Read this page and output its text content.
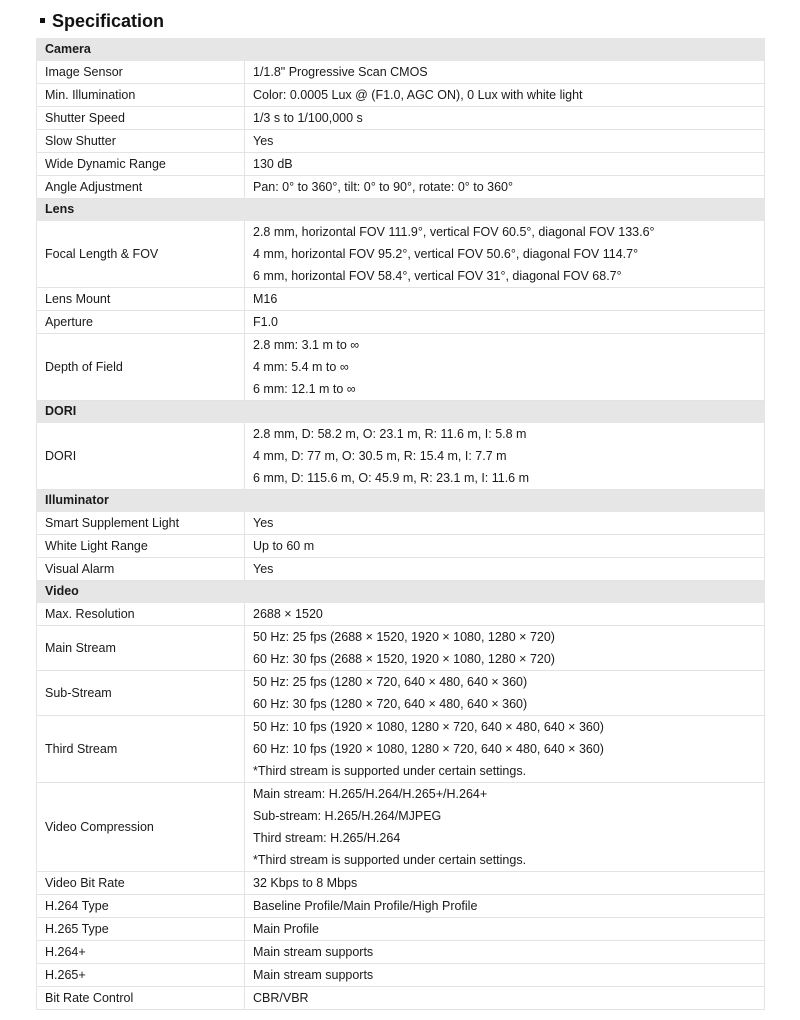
Specification
Camera	
Image Sensor	1/1.8" Progressive Scan CMOS

Min. Illumination	Color: 0.0005 Lux @ (F1.0, AGC ON), 0 Lux with white light

Shutter Speed	1/3 s to 1/100,000 s

Slow Shutter	Yes

Wide Dynamic Range	130 dB

Angle Adjustment	Pan: 0° to 360°, tilt: 0° to 90°, rotate: 0° to 360°

Lens	
Focal Length & FOV	2.8 mm, horizontal FOV 111.9°, vertical FOV 60.5°, diagonal FOV 133.6°
4 mm, horizontal FOV 95.2°, vertical FOV 50.6°, diagonal FOV 114.7°
6 mm, horizontal FOV 58.4°, vertical FOV 31°, diagonal FOV 68.7°

Lens Mount	M16

Aperture	F1.0

Depth of Field	2.8 mm: 3.1 m to ∞
4 mm: 5.4 m to ∞
6 mm: 12.1 m to ∞

DORI	
DORI	2.8 mm, D: 58.2 m, O: 23.1 m, R: 11.6 m, I: 5.8 m
4 mm, D: 77 m, O: 30.5 m, R: 15.4 m, I: 7.7 m
6 mm, D: 115.6 m, O: 45.9 m, R: 23.1 m, I: 11.6 m

Illuminator	
Smart Supplement Light	Yes

White Light Range	Up to 60 m

Visual Alarm	Yes

Video	
Max. Resolution	2688 × 1520

Main Stream	50 Hz: 25 fps (2688 × 1520, 1920 × 1080, 1280 × 720)
60 Hz: 30 fps (2688 × 1520, 1920 × 1080, 1280 × 720)

Sub-Stream	50 Hz: 25 fps (1280 × 720, 640 × 480, 640 × 360)
60 Hz: 30 fps (1280 × 720, 640 × 480, 640 × 360)

Third Stream	50 Hz: 10 fps (1920 × 1080, 1280 × 720, 640 × 480, 640 × 360)
60 Hz: 10 fps (1920 × 1080, 1280 × 720, 640 × 480, 640 × 360)
*Third stream is supported under certain settings.

Video Compression	Main stream: H.265/H.264/H.265+/H.264+
Sub-stream: H.265/H.264/MJPEG
Third stream: H.265/H.264
*Third stream is supported under certain settings.

Video Bit Rate	32 Kbps to 8 Mbps

H.264 Type	Baseline Profile/Main Profile/High Profile

H.265 Type	Main Profile

H.264+	Main stream supports

H.265+	Main stream supports

Bit Rate Control	CBR/VBR
